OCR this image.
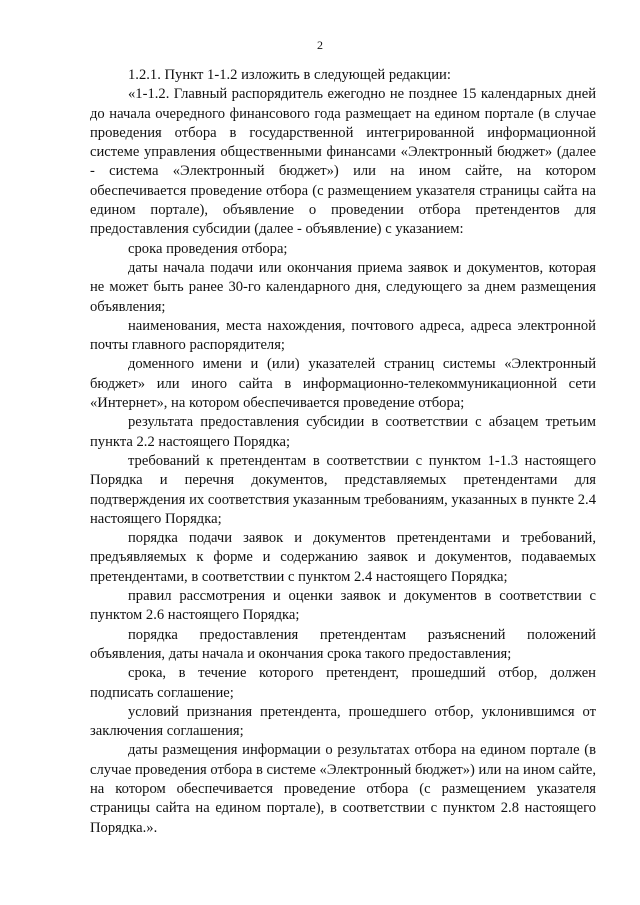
2

1.2.1. Пункт 1-1.2 изложить в следующей редакции:

«1-1.2. Главный распорядитель ежегодно не позднее 15 календарных дней до начала очередного финансового года размещает на едином портале (в случае проведения отбора в государственной интегрированной информационной системе управления общественными финансами «Электронный бюджет» (далее - система «Электронный бюджет») или на ином сайте, на котором обеспечивается проведение отбора (с размещением указателя страницы сайта на едином портале), объявление о проведении отбора претендентов для предоставления субсидии (далее - объявление) с указанием:

срока проведения отбора;

даты начала подачи или окончания приема заявок и документов, которая не может быть ранее 30-го календарного дня, следующего за днем размещения объявления;

наименования, места нахождения, почтового адреса, адреса электронной почты главного распорядителя;

доменного имени и (или) указателей страниц системы «Электронный бюджет» или иного сайта в информационно-телекоммуникационной сети «Интернет», на котором обеспечивается проведение отбора;

результата предоставления субсидии в соответствии с абзацем третьим пункта 2.2 настоящего Порядка;

требований к претендентам в соответствии с пунктом 1-1.3 настоящего Порядка и перечня документов, представляемых претендентами для подтверждения их соответствия указанным требованиям, указанных в пункте 2.4 настоящего Порядка;

порядка подачи заявок и документов претендентами и требований, предъявляемых к форме и содержанию заявок и документов, подаваемых претендентами, в соответствии с пунктом 2.4 настоящего Порядка;

правил рассмотрения и оценки заявок и документов в соответствии с пунктом 2.6 настоящего Порядка;

порядка предоставления претендентам разъяснений положений объявления, даты начала и окончания срока такого предоставления;

срока, в течение которого претендент, прошедший отбор, должен подписать соглашение;

условий признания претендента, прошедшего отбор, уклонившимся от заключения соглашения;

даты размещения информации о результатах отбора на едином портале (в случае проведения отбора в системе «Электронный бюджет») или на ином сайте, на котором обеспечивается проведение отбора (с размещением указателя страницы сайта на едином портале), в соответствии с пунктом 2.8 настоящего Порядка.».
